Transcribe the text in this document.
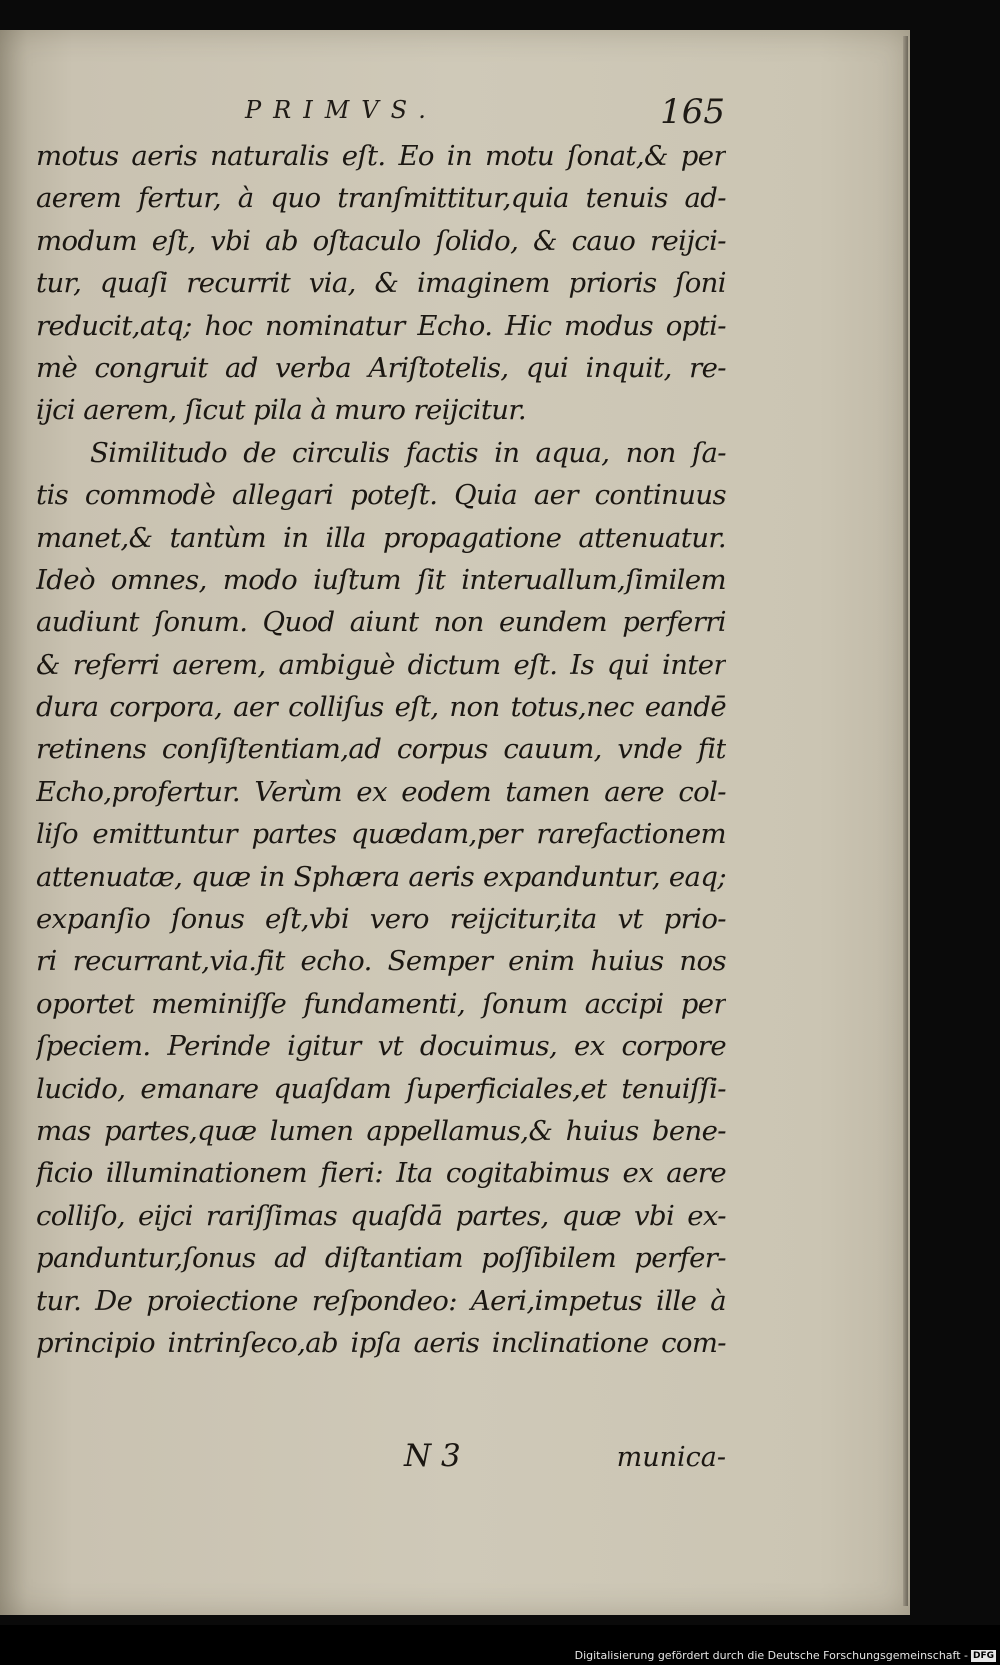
PRIMVS.	165
motus aeris naturalis eſt. Eo in motu ſonat,& per
aerem fertur, à quo tranſmittitur,quia tenuis ad-
modum eſt, vbi ab oſtaculo ſolido, & cauo reijci-
tur, quaſi recurrit via, & imaginem prioris ſoni
reducit,atq; hoc nominatur Echo. Hic modus opti-
mè congruit ad verba Ariſtotelis, qui inquit, re-
ijci aerem, ſicut pila à muro reijcitur.
Similitudo de circulis factis in aqua, non ſa-
tis commodè allegari poteſt. Quia aer continuus
manet,& tantùm in illa propagatione attenuatur.
Ideò omnes, modo iuſtum ſit interuallum,ſimilem
audiunt ſonum. Quod aiunt non eundem perferri
& referri aerem, ambiguè dictum eſt. Is qui inter
dura corpora, aer colliſus eſt, non totus,nec eandē
retinens conſiſtentiam,ad corpus cauum, vnde fit
Echo,profertur. Verùm ex eodem tamen aere col-
liſo emittuntur partes quædam,per rarefactionem
attenuatæ, quæ in Sphæra aeris expanduntur, eaq;
expanſio ſonus eſt,vbi vero reijcitur,ita vt prio-
ri recurrant,via.fit echo. Semper enim huius nos
oportet meminiſſe fundamenti, ſonum accipi per
ſpeciem. Perinde igitur vt docuimus, ex corpore
lucido, emanare quaſdam ſuperficiales,et tenuiſſi-
mas partes,quæ lumen appellamus,& huius bene-
ficio illuminationem fieri: Ita cogitabimus ex aere
colliſo, eijci rariſſimas quaſdā partes, quæ vbi ex-
panduntur,ſonus ad diſtantiam poſſibilem perfer-
tur. De proiectione reſpondeo: Aeri,impetus ille à
principio intrinſeco,ab ipſa aeris inclinatione com-
N 3	munica-
Digitalisierung gefördert durch die Deutsche Forschungsgemeinschaft - DFG
